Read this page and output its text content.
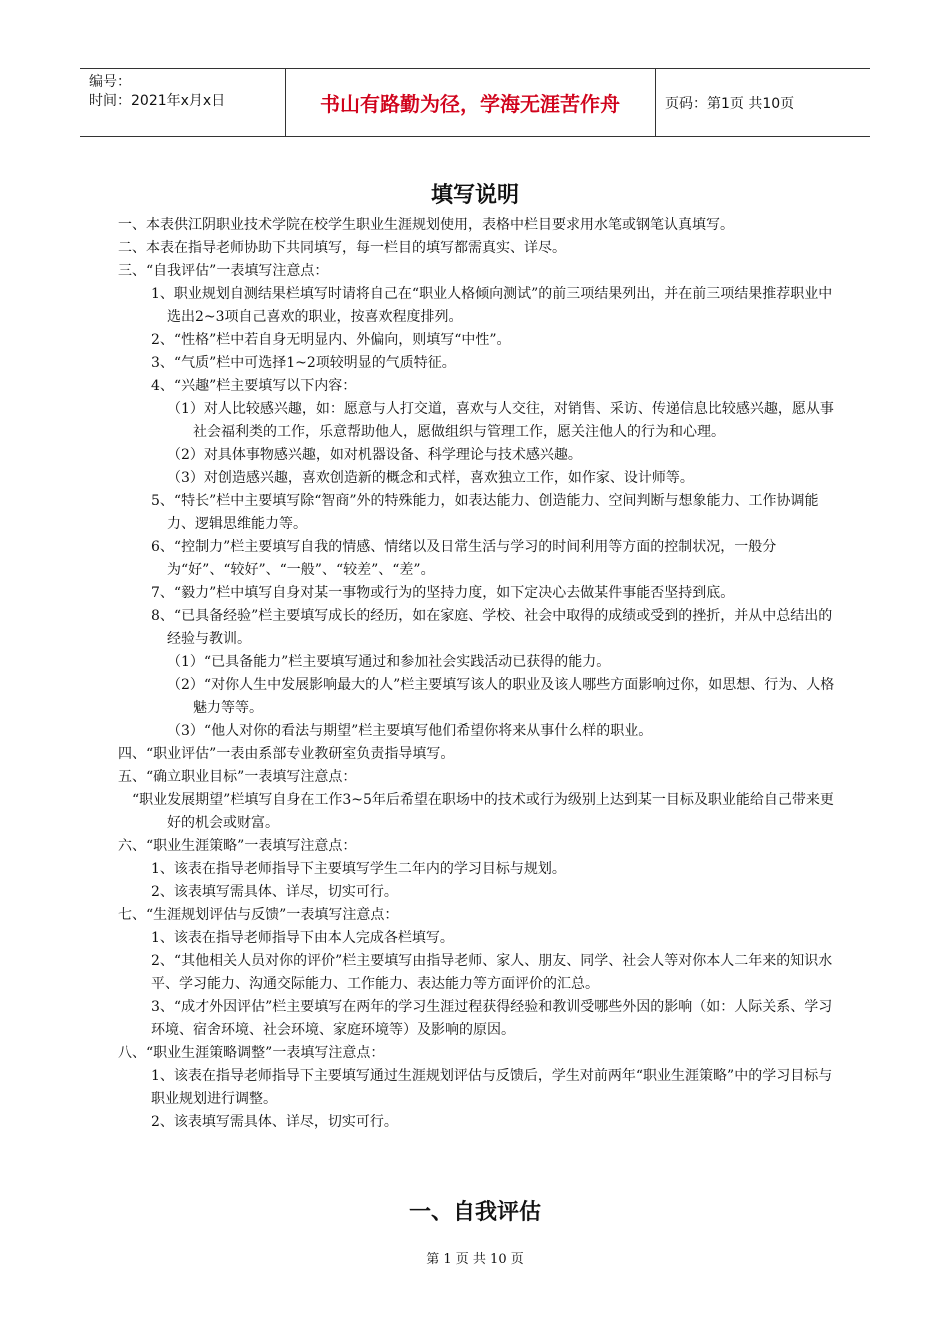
编号：
时间：2021年x月x日	书山有路勤为径，学海无涯苦作舟	页码：第1页 共10页
填写说明

一、本表供江阴职业技术学院在校学生职业生涯规划使用，表格中栏目要求用水笔或钢笔认真填写。

二、本表在指导老师协助下共同填写，每一栏目的填写都需真实、详尽。

三、“自我评估”一表填写注意点：

1、职业规划自测结果栏填写时请将自己在“职业人格倾向测试”的前三项结果列出，并在前三项结果推荐职业中选出2~3项自己喜欢的职业，按喜欢程度排列。

2、“性格”栏中若自身无明显内、外偏向，则填写“中性”。

3、“气质”栏中可选择1~2项较明显的气质特征。

4、“兴趣”栏主要填写以下内容：

（1）对人比较感兴趣，如：愿意与人打交道，喜欢与人交往，对销售、采访、传递信息比较感兴趣，愿从事社会福利类的工作，乐意帮助他人，愿做组织与管理工作，愿关注他人的行为和心理。

（2）对具体事物感兴趣，如对机器设备、科学理论与技术感兴趣。

（3）对创造感兴趣，喜欢创造新的概念和式样，喜欢独立工作，如作家、设计师等。

5、“特长”栏中主要填写除“智商”外的特殊能力，如表达能力、创造能力、空间判断与想象能力、工作协调能力、逻辑思维能力等。

6、“控制力”栏主要填写自我的情感、情绪以及日常生活与学习的时间利用等方面的控制状况，一般分为“好”、“较好”、“一般”、“较差”、“差”。

7、“毅力”栏中填写自身对某一事物或行为的坚持力度，如下定决心去做某件事能否坚持到底。

8、“已具备经验”栏主要填写成长的经历，如在家庭、学校、社会中取得的成绩或受到的挫折，并从中总结出的经验与教训。

（1）“已具备能力”栏主要填写通过和参加社会实践活动已获得的能力。

（2）“对你人生中发展影响最大的人”栏主要填写该人的职业及该人哪些方面影响过你，如思想、行为、人格魅力等等。

（3）“他人对你的看法与期望”栏主要填写他们希望你将来从事什么样的职业。

四、“职业评估”一表由系部专业教研室负责指导填写。

五、“确立职业目标”一表填写注意点：

“职业发展期望”栏填写自身在工作3~5年后希望在职场中的技术或行为级别上达到某一目标及职业能给自己带来更好的机会或财富。

六、“职业生涯策略”一表填写注意点：

1、该表在指导老师指导下主要填写学生二年内的学习目标与规划。

2、该表填写需具体、详尽，切实可行。

七、“生涯规划评估与反馈”一表填写注意点：

1、该表在指导老师指导下由本人完成各栏填写。

2、“其他相关人员对你的评价”栏主要填写由指导老师、家人、朋友、同学、社会人等对你本人二年来的知识水平、学习能力、沟通交际能力、工作能力、表达能力等方面评价的汇总。

3、“成才外因评估”栏主要填写在两年的学习生涯过程获得经验和教训受哪些外因的影响（如：人际关系、学习环境、宿舍环境、社会环境、家庭环境等）及影响的原因。

八、“职业生涯策略调整”一表填写注意点：

1、该表在指导老师指导下主要填写通过生涯规划评估与反馈后，学生对前两年“职业生涯策略”中的学习目标与职业规划进行调整。

2、该表填写需具体、详尽，切实可行。

一、自我评估
第 1 页 共 10 页
